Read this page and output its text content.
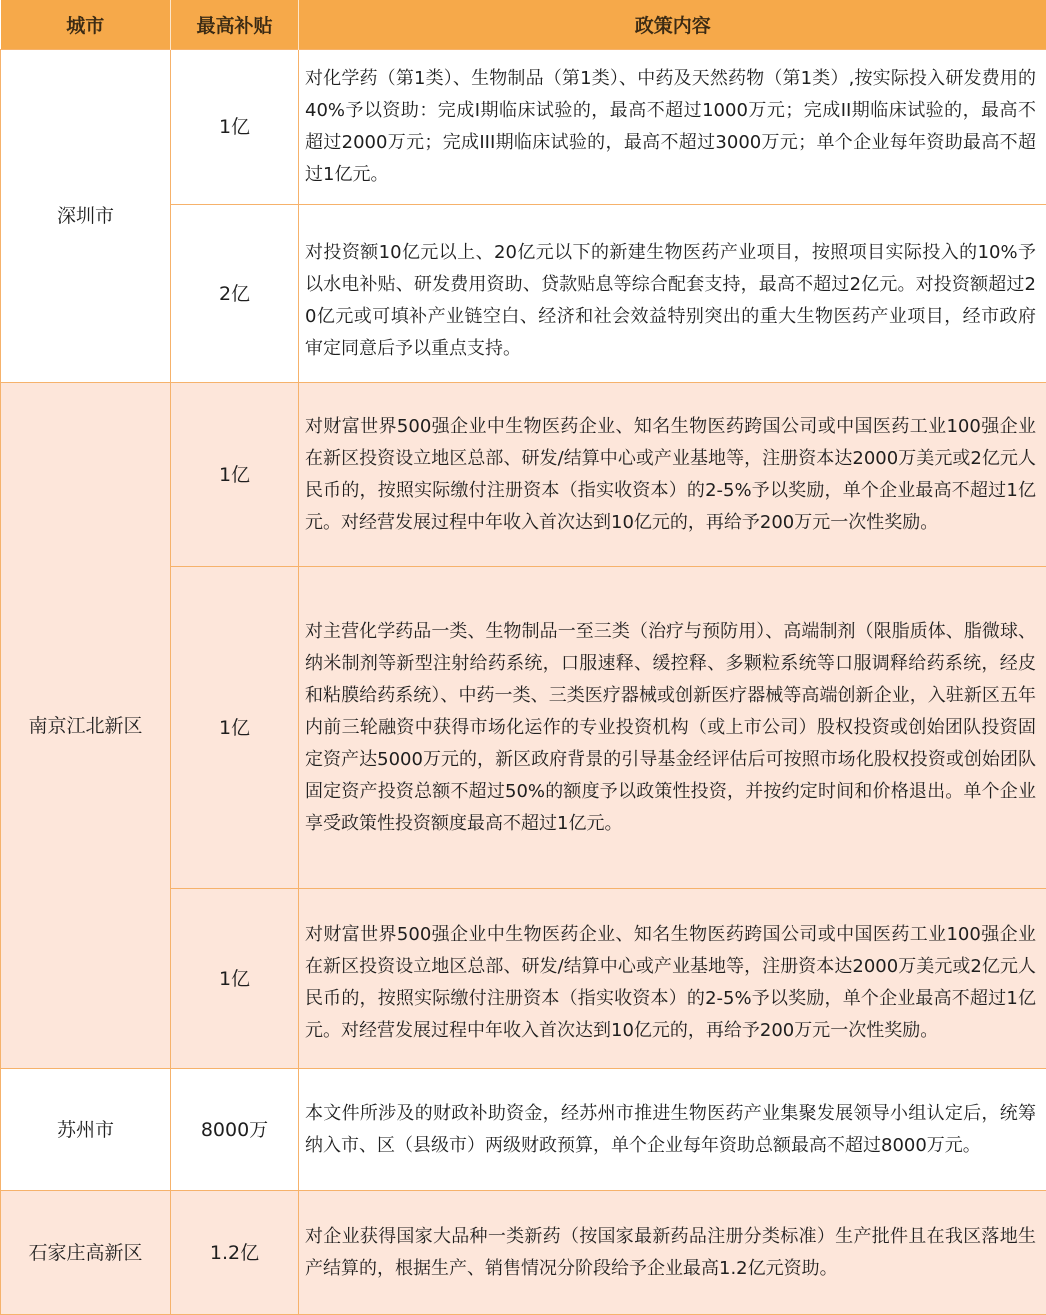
城市	最高补贴	政策内容
深圳市	1亿	对化学药（第1类）、生物制品（第1类）、中药及天然药物（第1类）,按实际投入研发费用的40%予以资助：完成I期临床试验的，最高不超过1000万元；完成II期临床试验的，最高不超过2000万元；完成III期临床试验的，最高不超过3000万元；单个企业每年资助最高不超过1亿元。
	2亿	对投资额10亿元以上、20亿元以下的新建生物医药产业项目，按照项目实际投入的10%予以水电补贴、研发费用资助、贷款贴息等综合配套支持，最高不超过2亿元。对投资额超过20亿元或可填补产业链空白、经济和社会效益特别突出的重大生物医药产业项目，经市政府审定同意后予以重点支持。
南京江北新区	1亿	对财富世界500强企业中生物医药企业、知名生物医药跨国公司或中国医药工业100强企业在新区投资设立地区总部、研发/结算中心或产业基地等，注册资本达2000万美元或2亿元人民币的，按照实际缴付注册资本（指实收资本）的2-5%予以奖励，单个企业最高不超过1亿元。对经营发展过程中年收入首次达到10亿元的，再给予200万元一次性奖励。
	1亿	对主营化学药品一类、生物制品一至三类（治疗与预防用）、高端制剂（限脂质体、脂微球、纳米制剂等新型注射给药系统，口服速释、缓控释、多颗粒系统等口服调释给药系统，经皮和粘膜给药系统）、中药一类、三类医疗器械或创新医疗器械等高端创新企业，入驻新区五年内前三轮融资中获得市场化运作的专业投资机构（或上市公司）股权投资或创始团队投资固定资产达5000万元的，新区政府背景的引导基金经评估后可按照市场化股权投资或创始团队固定资产投资总额不超过50%的额度予以政策性投资，并按约定时间和价格退出。单个企业享受政策性投资额度最高不超过1亿元。
	1亿	对财富世界500强企业中生物医药企业、知名生物医药跨国公司或中国医药工业100强企业在新区投资设立地区总部、研发/结算中心或产业基地等，注册资本达2000万美元或2亿元人民币的，按照实际缴付注册资本（指实收资本）的2-5%予以奖励，单个企业最高不超过1亿元。对经营发展过程中年收入首次达到10亿元的，再给予200万元一次性奖励。
苏州市	8000万	本文件所涉及的财政补助资金，经苏州市推进生物医药产业集聚发展领导小组认定后，统筹纳入市、区（县级市）两级财政预算，单个企业每年资助总额最高不超过8000万元。
石家庄高新区	1.2亿	对企业获得国家大品种一类新药（按国家最新药品注册分类标准）生产批件且在我区落地生产结算的，根据生产、销售情况分阶段给予企业最高1.2亿元资助。
